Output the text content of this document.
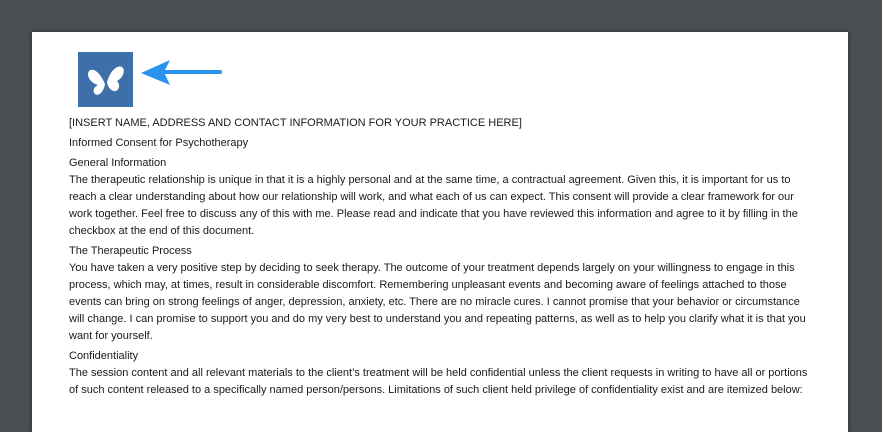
[INSERT NAME, ADDRESS AND CONTACT INFORMATION FOR YOUR PRACTICE HERE]

Informed Consent for Psychotherapy

General Information

The therapeutic relationship is unique in that it is a highly personal and at the same time, a contractual agreement. Given this, it is important for us to reach a clear understanding about how our relationship will work, and what each of us can expect. This consent will provide a clear framework for our work together. Feel free to discuss any of this with me. Please read and indicate that you have reviewed this information and agree to it by filling in the checkbox at the end of this document.

The Therapeutic Process

You have taken a very positive step by deciding to seek therapy. The outcome of your treatment depends largely on your willingness to engage in this process, which may, at times, result in considerable discomfort. Remembering unpleasant events and becoming aware of feelings attached to those events can bring on strong feelings of anger, depression, anxiety, etc. There are no miracle cures. I cannot promise that your behavior or circumstance will change. I can promise to support you and do my very best to understand you and repeating patterns, as well as to help you clarify what it is that you want for yourself.

Confidentiality

The session content and all relevant materials to the client’s treatment will be held confidential unless the client requests in writing to have all or portions of such content released to a specifically named person/persons. Limitations of such client held privilege of confidentiality exist and are itemized below:
